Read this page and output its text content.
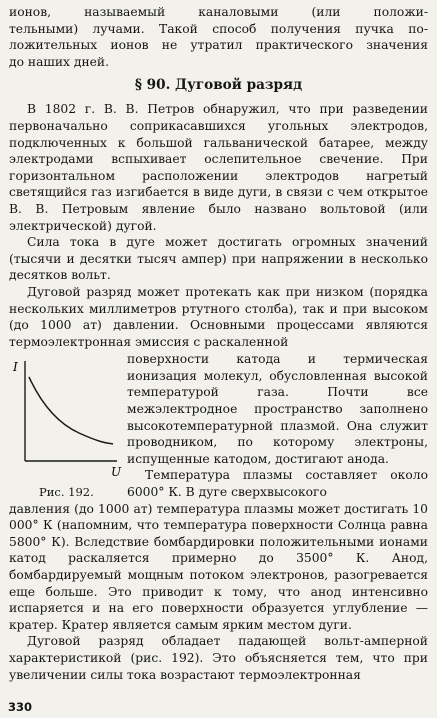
ионов, называемый каналовыми (или положи-

тельными) лучами. Такой способ получения пучка по-

ложительных ионов не утратил практического значения

до наших дней.

§ 90. Дуговой разряд

В 1802 г. В. В. Петров обнаружил, что при разведении первоначально соприкасавшихся угольных электродов, подключенных к большой гальванической батарее, между электродами вспыхивает ослепительное свечение. При горизонтальном расположении электродов нагретый светящийся газ изгибается в виде дуги, в связи с чем открытое В. В. Петровым явление было названо вольтовой (или электрической) дугой.

Сила тока в дуге может достигать огромных значений (тысячи и десятки тысяч ампер) при напряжении в несколько десятков вольт.

Дуговой разряд может протекать как при низком (порядка нескольких миллиметров ртутного столба), так и при высоком (до 1000 ат) давлении. Основными процессами являются термоэлектронная эмиссия с раскаленной

I
U
Рис. 192.

поверхности катода и термическая ионизация молекул, обусловленная высокой температурой газа. Почти все межэлектродное пространство заполнено высокотемпературной плазмой. Она служит проводником, по которому электроны, испущенные катодом, достигают анода.

Температура плазмы составляет около 6000° К. В дуге сверхвысокого

давления (до 1000 ат) температура плазмы может достигать 10 000° К (напомним, что температура поверхности Солнца равна 5800° К). Вследствие бомбардировки положительными ионами катод раскаляется примерно до 3500° К. Анод, бомбардируемый мощным потоком электронов, разогревается еще больше. Это приводит к тому, что анод интенсивно испаряется и на его поверхности образуется углубление — кратер. Кратер является самым ярким местом дуги.

Дуговой разряд обладает падающей вольт-амперной характеристикой (рис. 192). Это объясняется тем, что при увеличении силы тока возрастают термоэлектронная

330
